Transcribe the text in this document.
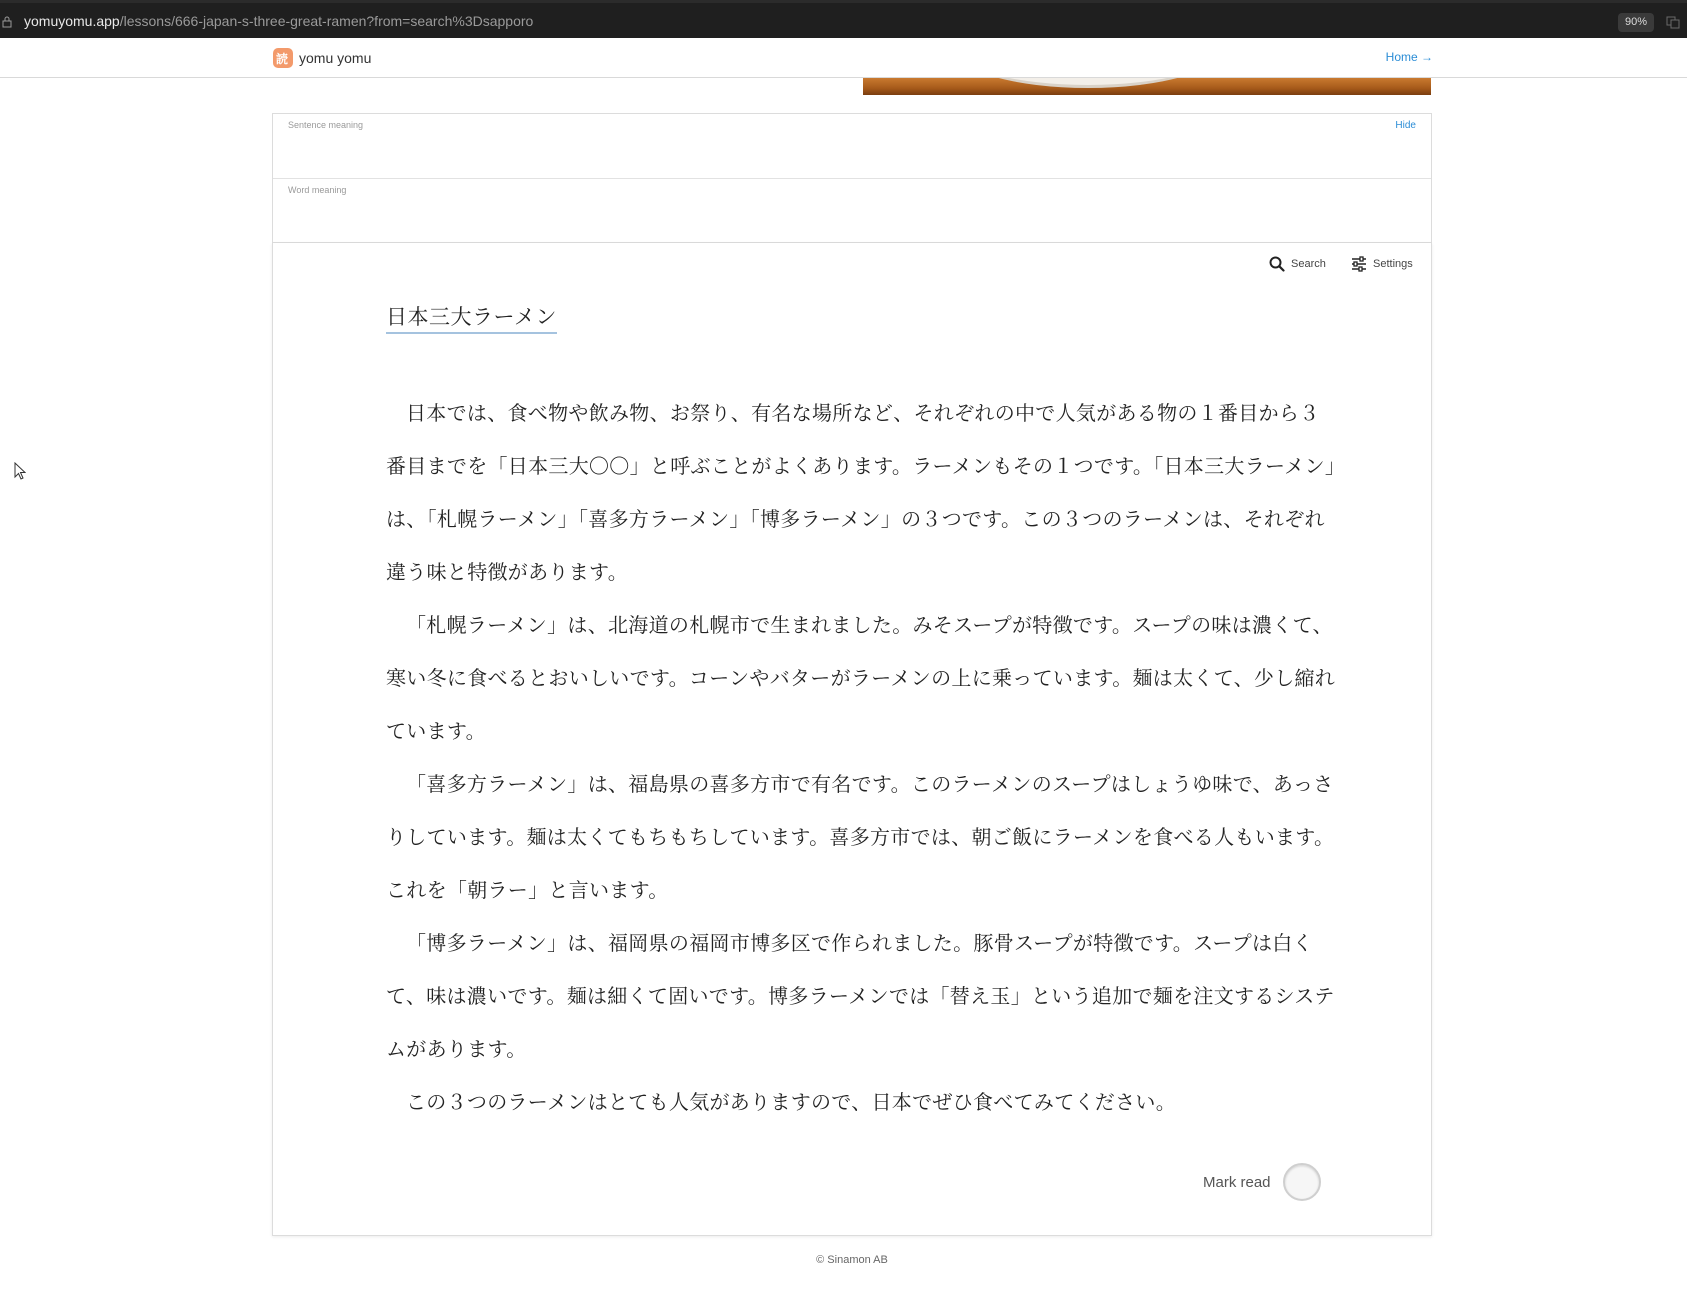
yomuyomu.app/lessons/666-japan-s-three-great-ramen?from=search%3Dsapporo	90%
読 yomu yomu	Home →
Sentence meaning	Hide
Word meaning
Search	Settings
日本三大ラーメン

日本では、食べ物や飲み物、お祭り、有名な場所など、それぞれの中で人気がある物の１番目から３番目までを「日本三大〇〇」と呼ぶことがよくあります。ラーメンもその１つです。「日本三大ラーメン」は、「札幌ラーメン」「喜多方ラーメン」「博多ラーメン」の３つです。この３つのラーメンは、それぞれ違う味と特徴があります。

「札幌ラーメン」は、北海道の札幌市で生まれました。みそスープが特徴です。スープの味は濃くて、寒い冬に食べるとおいしいです。コーンやバターがラーメンの上に乗っています。麺は太くて、少し縮れています。

「喜多方ラーメン」は、福島県の喜多方市で有名です。このラーメンのスープはしょうゆ味で、あっさりしています。麺は太くてもちもちしています。喜多方市では、朝ご飯にラーメンを食べる人もいます。これを「朝ラー」と言います。

「博多ラーメン」は、福岡県の福岡市博多区で作られました。豚骨スープが特徴です。スープは白くて、味は濃いです。麺は細くて固いです。博多ラーメンでは「替え玉」という追加で麺を注文するシステムがあります。

この３つのラーメンはとても人気がありますので、日本でぜひ食べてみてください。

Mark read
© Sinamon AB
